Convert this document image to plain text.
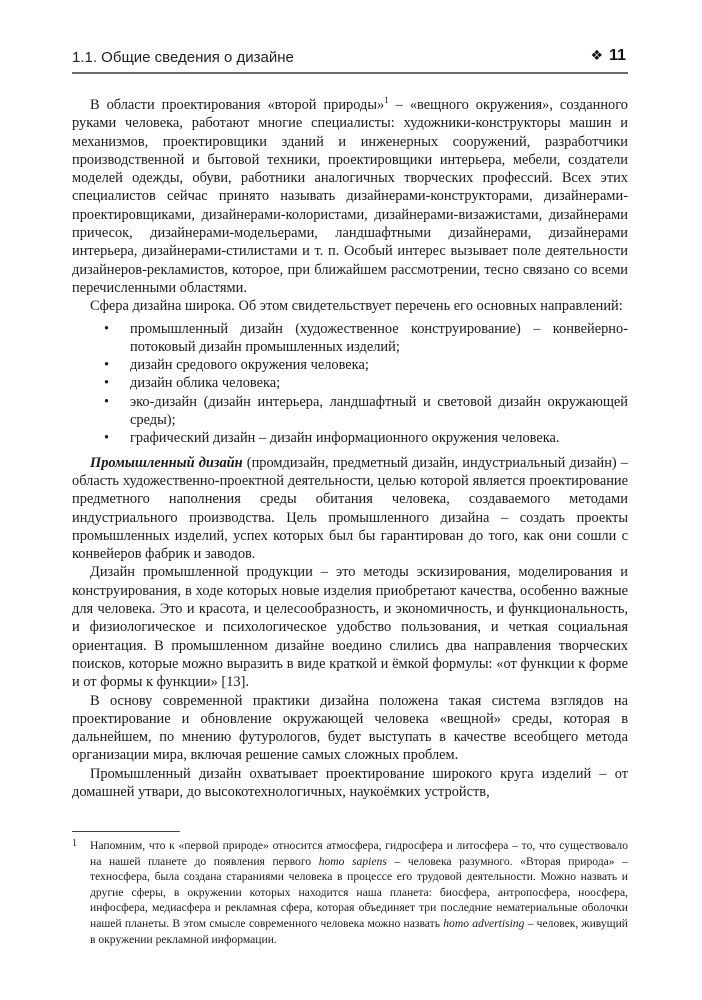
1.1. Общие сведения о дизайне	❖ 11

В области проектирования «второй природы»$^1$ – «вещного окружения», созданного руками человека, работают многие специалисты: художники-конструкторы машин и механизмов, проектировщики зданий и инженерных сооружений, разработчики производственной и бытовой техники, проектировщики интерьера, мебели, создатели моделей одежды, обуви, работники аналогичных творческих профессий. Всех этих специалистов сейчас принято называть дизайнерами-конструкторами, дизайнерами-проектировщиками, дизайнерами-колористами, дизайнерами-визажистами, дизайнерами причесок, дизайнерами-модельерами, ландшафтными дизайнерами, дизайнерами интерьера, дизайнерами-стилистами и т. п. Особый интерес вызывает поле деятельности дизайнеров-рекламистов, которое, при ближайшем рассмотрении, тесно связано со всеми перечисленными областями.

Сфера дизайна широка. Об этом свидетельствует перечень его основных направлений:

• промышленный дизайн (художественное конструирование) – конвейерно-потоковый дизайн промышленных изделий;
• дизайн средового окружения человека;
• дизайн облика человека;
• эко-дизайн (дизайн интерьера, ландшафтный и световой дизайн окружающей среды);
• графический дизайн – дизайн информационного окружения человека.

Промышленный дизайн (промдизайн, предметный дизайн, индустриальный дизайн) – область художественно-проектной деятельности, целью которой является проектирование предметного наполнения среды обитания человека, создаваемого методами индустриального производства. Цель промышленного дизайна – создать проекты промышленных изделий, успех которых был бы гарантирован до того, как они сошли с конвейеров фабрик и заводов.

Дизайн промышленной продукции – это методы эскизирования, моделирования и конструирования, в ходе которых новые изделия приобретают качества, особенно важные для человека. Это и красота, и целесообразность, и экономичность, и функциональность, и физиологическое и психологическое удобство пользования, и четкая социальная ориентация. В промышленном дизайне воедино слились два направления творческих поисков, которые можно выразить в виде краткой и ёмкой формулы: «от функции к форме и от формы к функции» [13].

В основу современной практики дизайна положена такая система взглядов на проектирование и обновление окружающей человека «вещной» среды, которая в дальнейшем, по мнению футурологов, будет выступать в качестве всеобщего метода организации мира, включая решение самых сложных проблем.

Промышленный дизайн охватывает проектирование широкого круга изделий – от домашней утвари, до высокотехнологичных, наукоёмких устройств,

1	Напомним, что к «первой природе» относится атмосфера, гидросфера и литосфера – то, что существовало на нашей планете до появления первого homo sapiens – человека разумного. «Вторая природа» – техносфера, была создана стараниями человека в процессе его трудовой деятельности. Можно назвать и другие сферы, в окружении которых находится наша планета: биосфера, антропосфера, ноосфера, инфосфера, медиасфера и рекламная сфера, которая объединяет три последние нематериальные оболочки нашей планеты. В этом смысле современного человека можно назвать homo advertising – человек, живущий в окружении рекламной информации.
